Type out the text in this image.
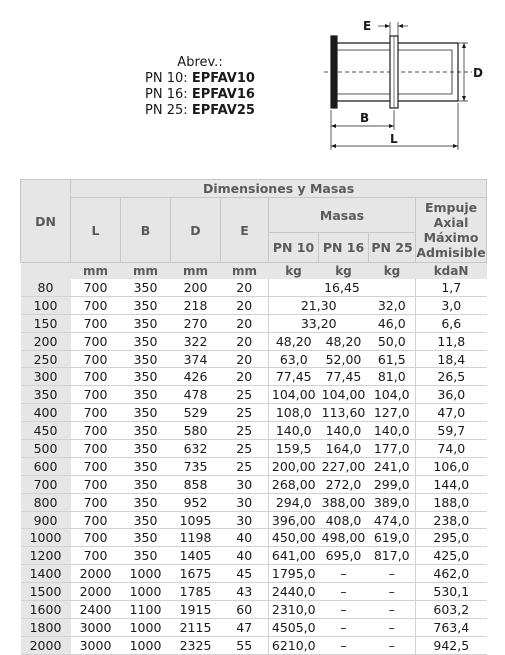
Abrev.:
PN 10: EPFAV10
PN 16: EPFAV16
PN 25: EPFAV25
E
D
B
L
DN	Dimensiones y Masas							
	L	B	D	E	Masas			Empuje
Axial
Máximo
Admisible
					PN 10	PN 16	PN 25	
	mm	mm	mm	mm	kg	kg	kg	kdaN
80	700	350	200	20	16,45			1,7
100	700	350	218	20	21,30		32,0	3,0
150	700	350	270	20	33,20		46,0	6,6
200	700	350	322	20	48,20	48,20	50,0	11,8
250	700	350	374	20	63,0	52,00	61,5	18,4
300	700	350	426	20	77,45	77,45	81,0	26,5
350	700	350	478	25	104,00	104,00	104,0	36,0
400	700	350	529	25	108,0	113,60	127,0	47,0
450	700	350	580	25	140,0	140,0	140,0	59,7
500	700	350	632	25	159,5	164,0	177,0	74,0
600	700	350	735	25	200,00	227,00	241,0	106,0
700	700	350	858	30	268,00	272,0	299,0	144,0
800	700	350	952	30	294,0	388,00	389,0	188,0
900	700	350	1095	30	396,00	408,0	474,0	238,0
1000	700	350	1198	40	450,00	498,00	619,0	295,0
1200	700	350	1405	40	641,00	695,0	817,0	425,0
1400	2000	1000	1675	45	1795,0	–	–	462,0
1500	2000	1000	1785	43	2440,0	–	–	530,1
1600	2400	1100	1915	60	2310,0	–	–	603,2
1800	3000	1000	2115	47	4505,0	–	–	763,4
2000	3000	1000	2325	55	6210,0	–	–	942,5
